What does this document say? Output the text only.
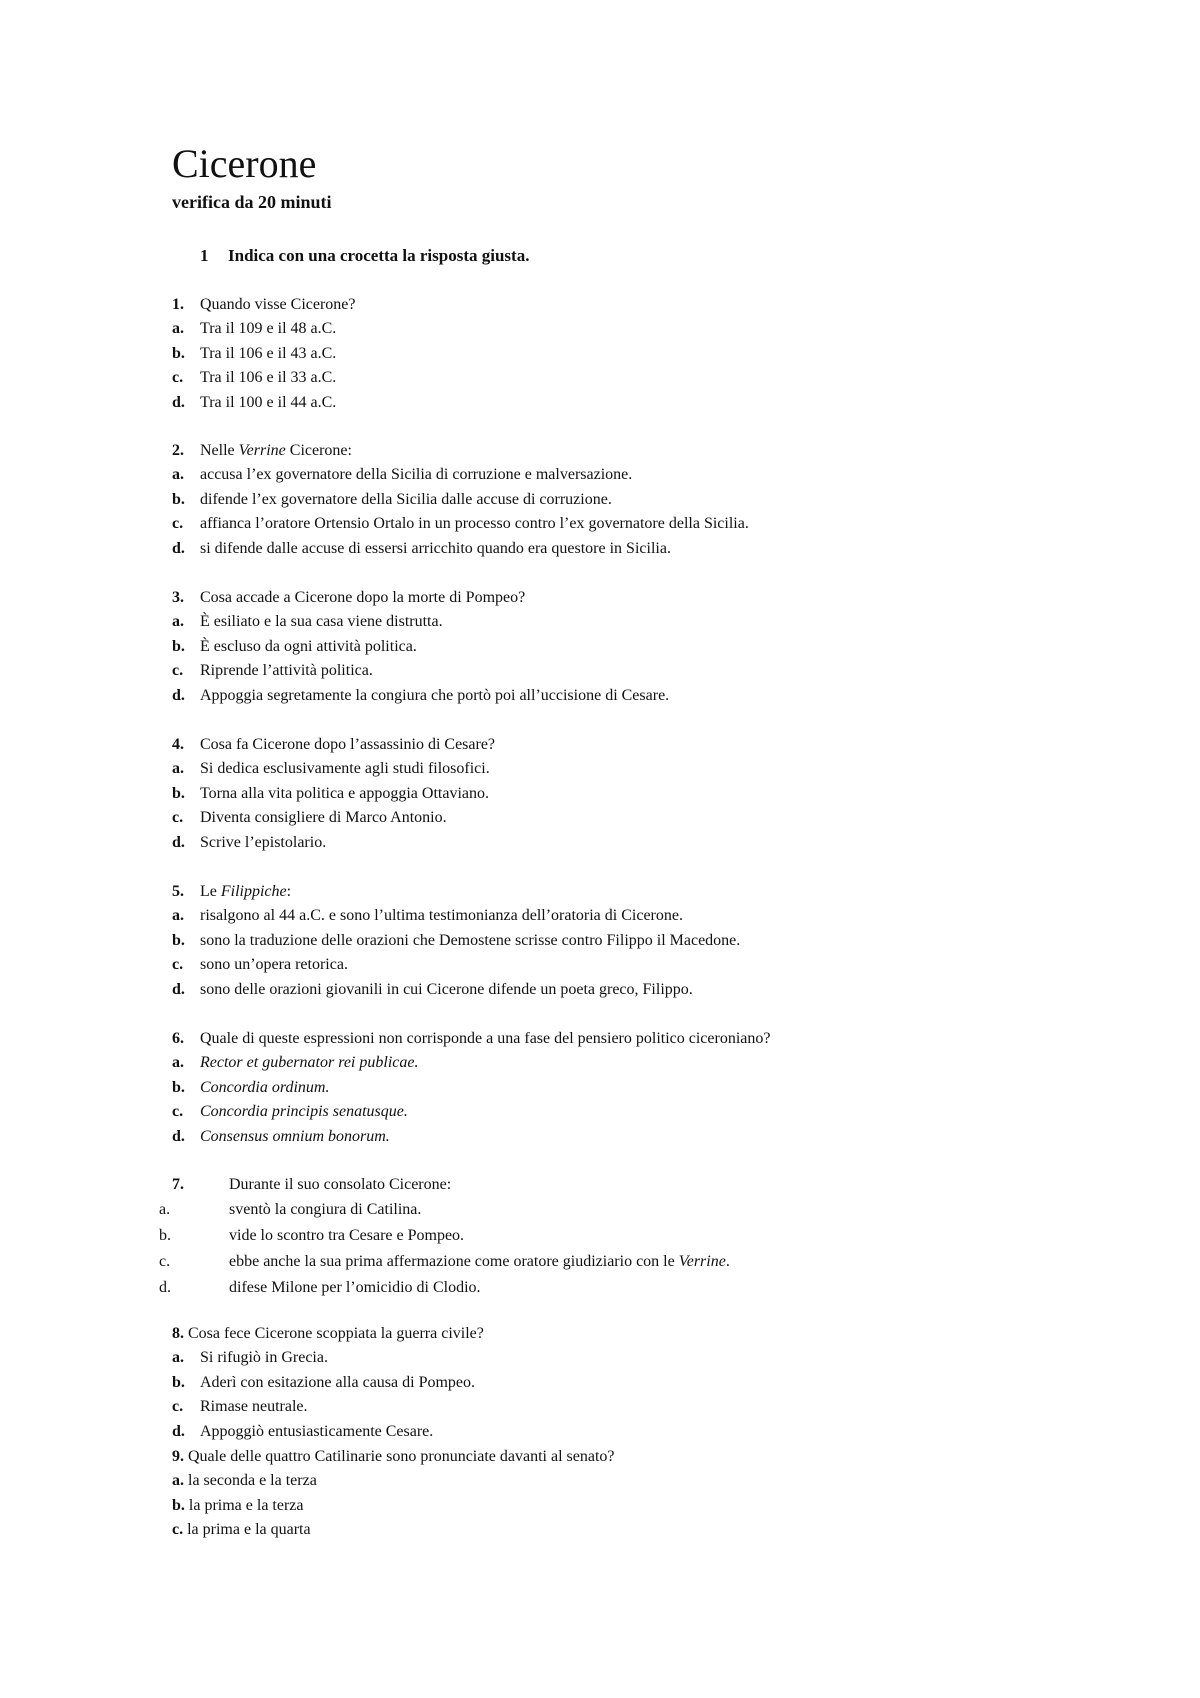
Cicerone
verifica da 20 minuti
1 Indica con una crocetta la risposta giusta.
1. Quando visse Cicerone?
a. Tra il 109 e il 48 a.C.
b. Tra il 106 e il 43 a.C.
c. Tra il 106 e il 33 a.C.
d. Tra il 100 e il 44 a.C.
2. Nelle Verrine Cicerone:
a. accusa l’ex governatore della Sicilia di corruzione e malversazione.
b. difende l’ex governatore della Sicilia dalle accuse di corruzione.
c. affianca l’oratore Ortensio Ortalo in un processo contro l’ex governatore della Sicilia.
d. si difende dalle accuse di essersi arricchito quando era questore in Sicilia.
3. Cosa accade a Cicerone dopo la morte di Pompeo?
a. È esiliato e la sua casa viene distrutta.
b. È escluso da ogni attività politica.
c. Riprende l’attività politica.
d. Appoggia segretamente la congiura che portò poi all’uccisione di Cesare.
4. Cosa fa Cicerone dopo l’assassinio di Cesare?
a. Si dedica esclusivamente agli studi filosofici.
b. Torna alla vita politica e appoggia Ottaviano.
c. Diventa consigliere di Marco Antonio.
d. Scrive l’epistolario.
5. Le Filippiche:
a. risalgono al 44 a.C. e sono l’ultima testimonianza dell’oratoria di Cicerone.
b. sono la traduzione delle orazioni che Demostene scrisse contro Filippo il Macedone.
c. sono un’opera retorica.
d. sono delle orazioni giovanili in cui Cicerone difende un poeta greco, Filippo.
6. Quale di queste espressioni non corrisponde a una fase del pensiero politico ciceroniano?
a. Rector et gubernator rei publicae.
b. Concordia ordinum.
c. Concordia principis senatusque.
d. Consensus omnium bonorum.
7.	Durante il suo consolato Cicerone:
a.	sventò la congiura di Catilina.
b.	vide lo scontro tra Cesare e Pompeo.
c.	ebbe anche la sua prima affermazione come oratore giudiziario con le Verrine.
d.	difese Milone per l’omicidio di Clodio.
8. Cosa fece Cicerone scoppiata la guerra civile?
a. Si rifugiò in Grecia.
b. Aderì con esitazione alla causa di Pompeo.
c. Rimase neutrale.
d. Appoggiò entusiasticamente Cesare.
9. Quale delle quattro Catilinarie sono pronunciate davanti al senato?
a. la seconda e la terza
b. la prima e la terza
c. la prima e la quarta
